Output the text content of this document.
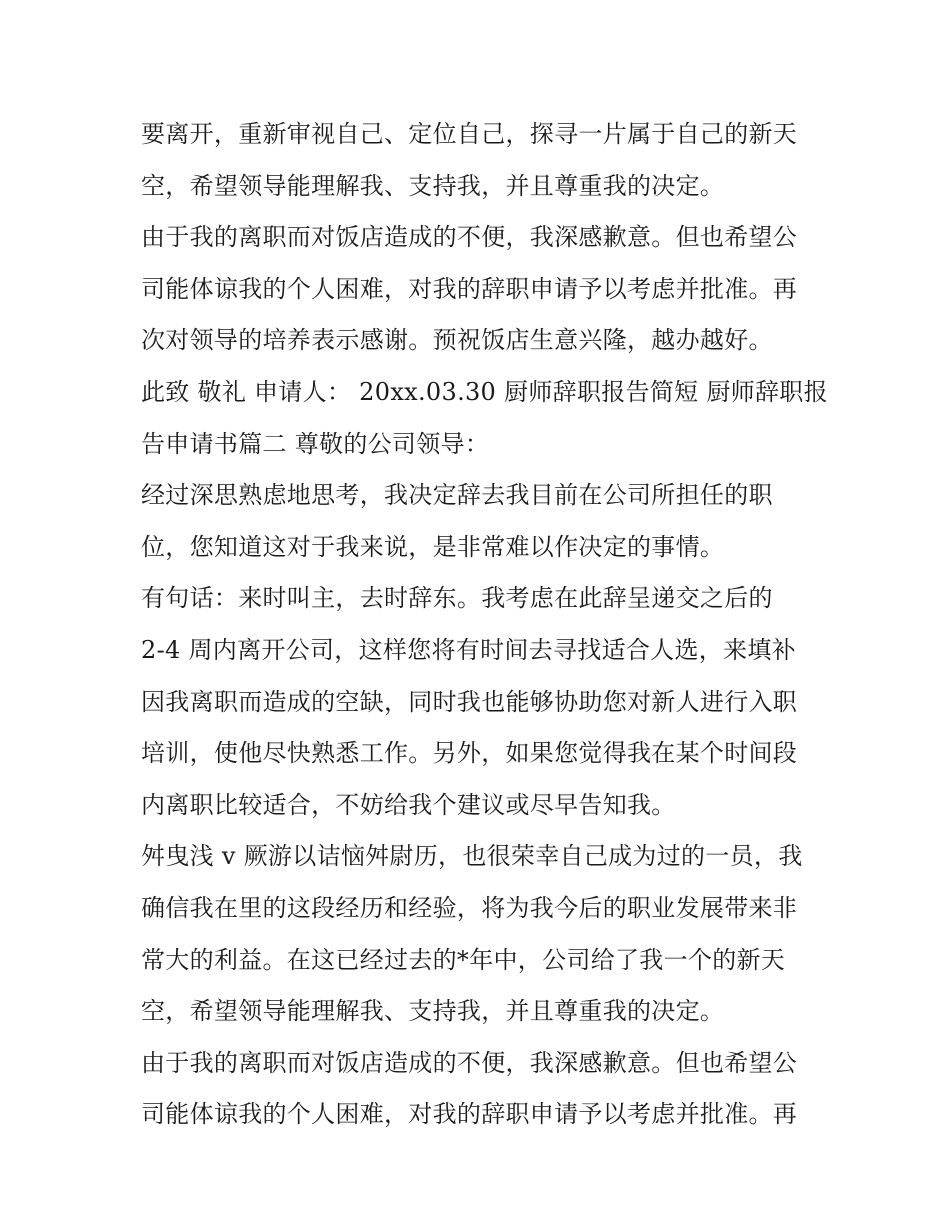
要离开，重新审视自己、定位自己，探寻一片属于自己的新天
空，希望领导能理解我、支持我，并且尊重我的决定。
由于我的离职而对饭店造成的不便，我深感歉意。但也希望公
司能体谅我的个人困难，对我的辞职申请予以考虑并批准。再
次对领导的培养表示感谢。预祝饭店生意兴隆，越办越好。
此致 敬礼 申请人： 20xx.03.30 厨师辞职报告简短 厨师辞职报
告申请书篇二 尊敬的公司领导：
经过深思熟虑地思考，我决定辞去我目前在公司所担任的职
位，您知道这对于我来说，是非常难以作决定的事情。
有句话：来时叫主，去时辞东。我考虑在此辞呈递交之后的
2-4 周内离开公司，这样您将有时间去寻找适合人选，来填补
因我离职而造成的空缺，同时我也能够协助您对新人进行入职
培训，使他尽快熟悉工作。另外，如果您觉得我在某个时间段
内离职比较适合，不妨给我个建议或尽早告知我。
舛曳浅 v 厥游以诘恼舛尉历，也很荣幸自己成为过的一员，我
确信我在里的这段经历和经验，将为我今后的职业发展带来非
常大的利益。在这已经过去的*年中，公司给了我一个的新天
空，希望领导能理解我、支持我，并且尊重我的决定。
由于我的离职而对饭店造成的不便，我深感歉意。但也希望公
司能体谅我的个人困难，对我的辞职申请予以考虑并批准。再
